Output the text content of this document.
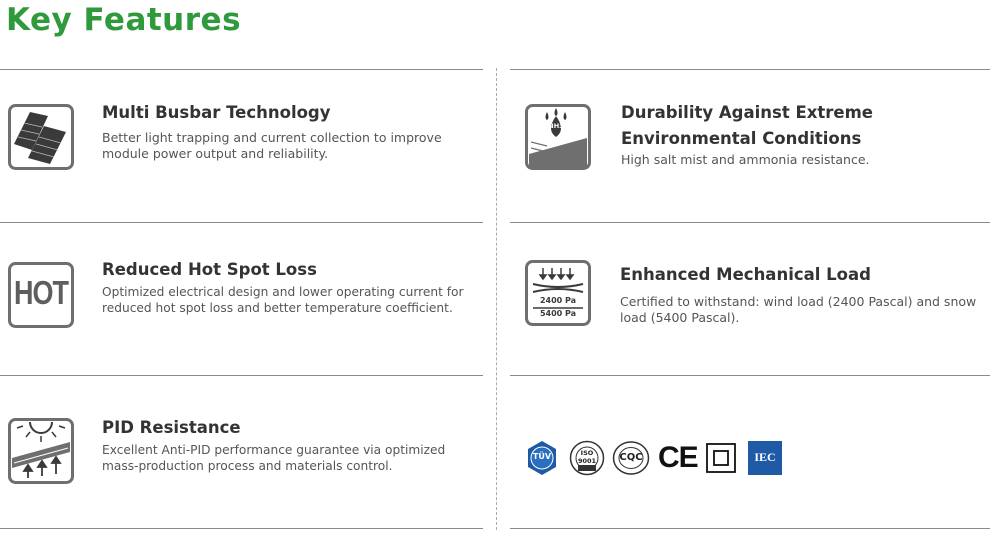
Key Features
Multi Busbar Technology

Better light trapping and current collection to improve module power output and reliability.

NH3
Durability Against Extreme Environmental Conditions

High salt mist and ammonia resistance.

HOT
Reduced Hot Spot Loss

Optimized electrical design and lower operating current for reduced hot spot loss and better temperature coefficient.

2400 Pa
5400 Pa
Enhanced Mechanical Load

Certified to withstand: wind load (2400 Pascal) and snow load (5400 Pascal).

PID Resistance

Excellent Anti-PID performance guarantee via optimized mass-production process and materials control.

TÜV	ISO 9001	CQC CE	IEC
